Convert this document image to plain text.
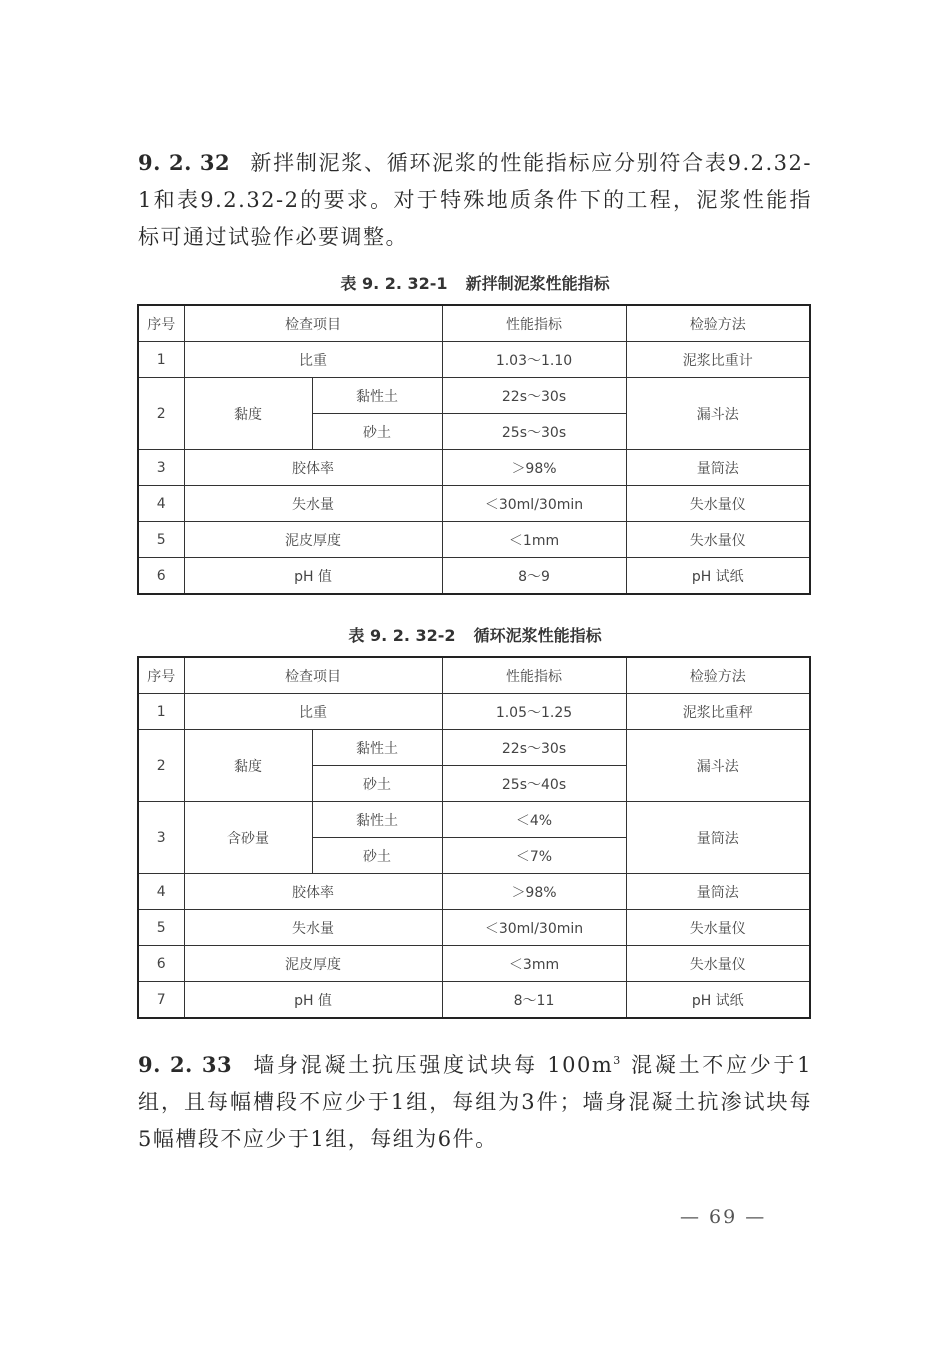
9. 2. 32 新拌制泥浆、循环泥浆的性能指标应分别符合表9.2.32-1和表9.2.32-2的要求。对于特殊地质条件下的工程，泥浆性能指标可通过试验作必要调整。
表 9. 2. 32-1 新拌制泥浆性能指标
序号	检查项目		性能指标	检验方法
1	比重		1.03～1.10	泥浆比重计
2	黏度	黏性土	22s～30s	漏斗法
		砂土	25s～30s	
3	胶体率		＞98%	量筒法
4	失水量		＜30ml/30min	失水量仪
5	泥皮厚度		＜1mm	失水量仪
6	pH 值		8～9	pH 试纸
表 9. 2. 32-2 循环泥浆性能指标
序号	检查项目		性能指标	检验方法
1	比重		1.05～1.25	泥浆比重秤
2	黏度	黏性土	22s～30s	漏斗法
		砂土	25s～40s	
3	含砂量	黏性土	＜4%	量筒法
		砂土	＜7%	
4	胶体率		＞98%	量筒法
5	失水量		＜30ml/30min	失水量仪
6	泥皮厚度		＜3mm	失水量仪
7	pH 值		8～11	pH 试纸
9. 2. 33 墙身混凝土抗压强度试块每 $100m^3$ 混凝土不应少于1组，且每幅槽段不应少于1组，每组为3件；墙身混凝土抗渗试块每5幅槽段不应少于1组，每组为6件。
— 69 —
